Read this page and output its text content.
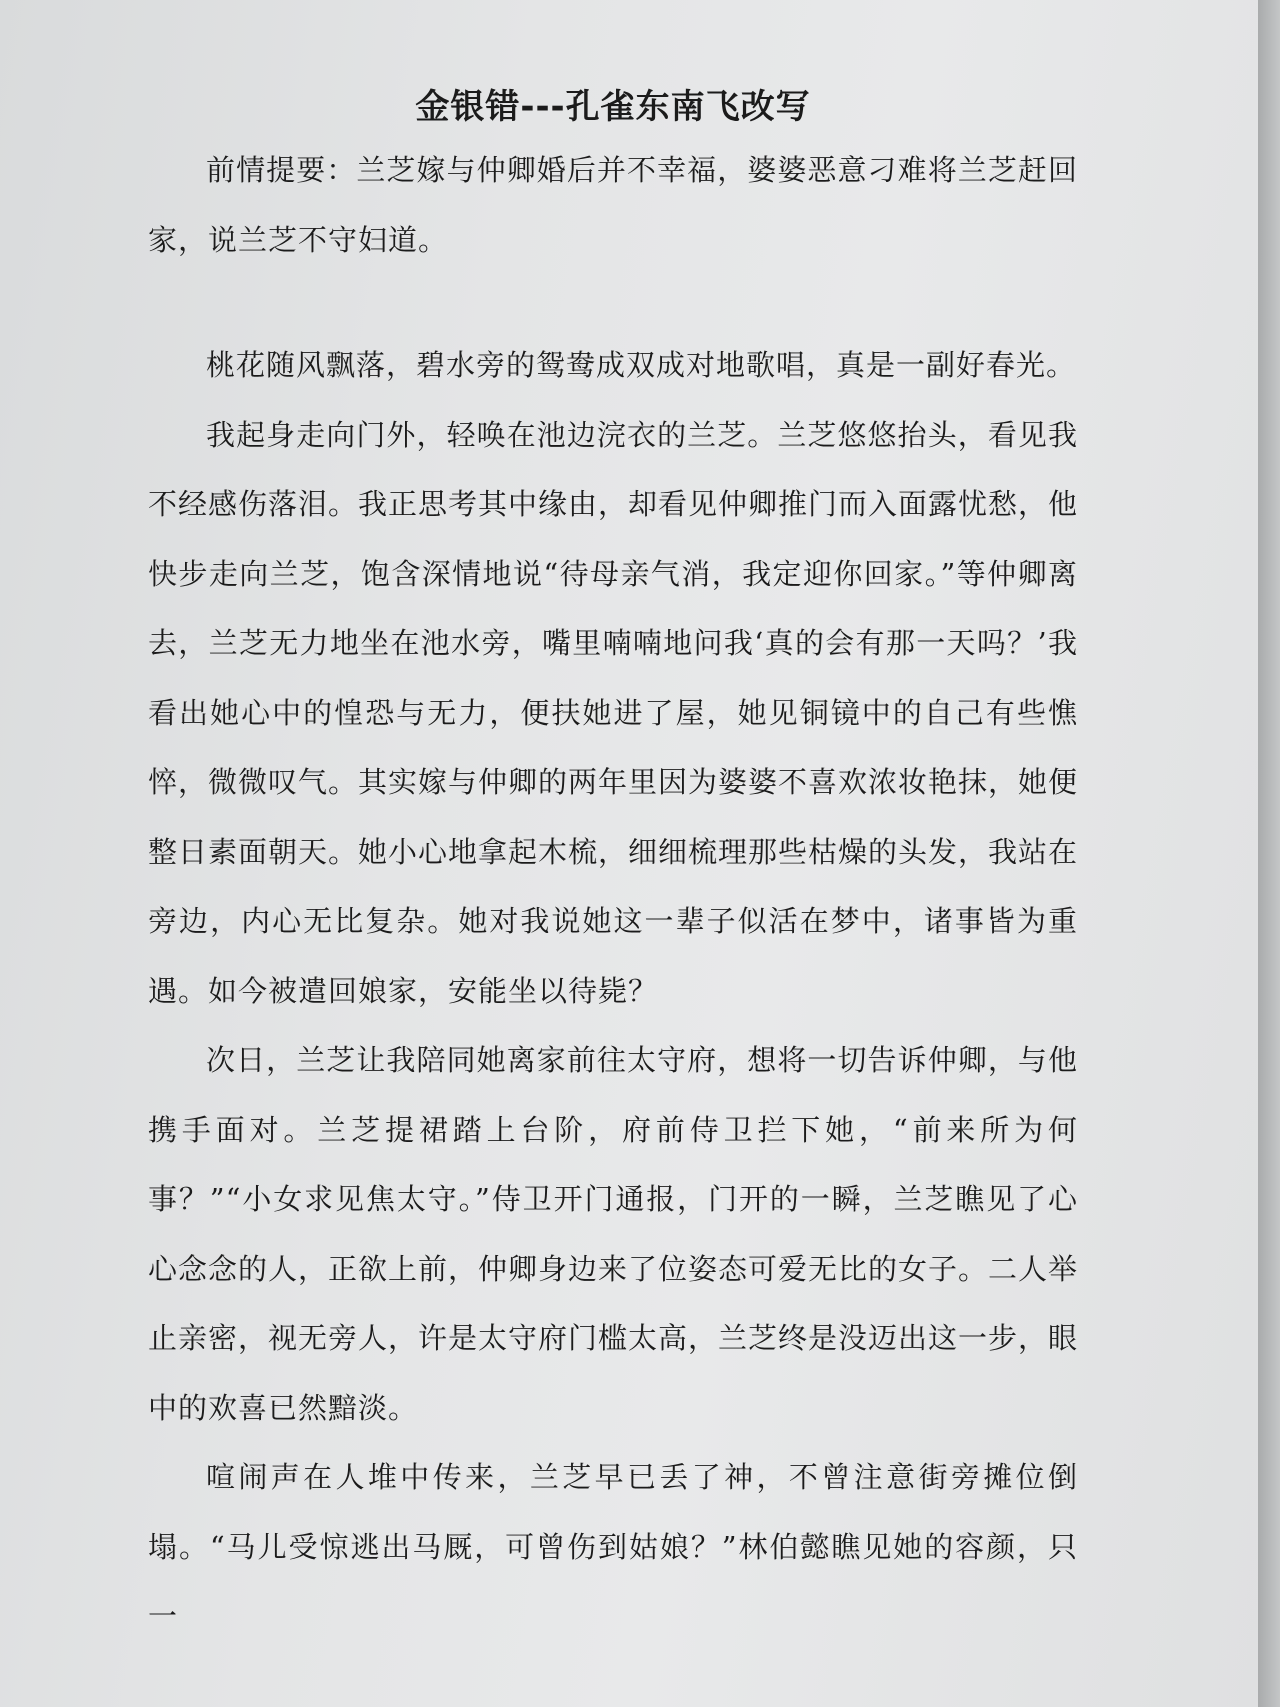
金银错---孔雀东南飞改写

前情提要：兰芝嫁与仲卿婚后并不幸福，婆婆恶意刁难将兰芝赶回家，说兰芝不守妇道。

桃花随风飘落，碧水旁的鸳鸯成双成对地歌唱，真是一副好春光。

我起身走向门外，轻唤在池边浣衣的兰芝。兰芝悠悠抬头，看见我不经感伤落泪。我正思考其中缘由，却看见仲卿推门而入面露忧愁，他快步走向兰芝，饱含深情地说“待母亲气消，我定迎你回家。”等仲卿离去，兰芝无力地坐在池水旁，嘴里喃喃地问我‘真的会有那一天吗？’我看出她心中的惶恐与无力，便扶她进了屋，她见铜镜中的自己有些憔悴，微微叹气。其实嫁与仲卿的两年里因为婆婆不喜欢浓妆艳抹，她便整日素面朝天。她小心地拿起木梳，细细梳理那些枯燥的头发，我站在旁边，内心无比复杂。她对我说她这一辈子似活在梦中，诸事皆为重遇。如今被遣回娘家，安能坐以待毙？

次日，兰芝让我陪同她离家前往太守府，想将一切告诉仲卿，与他携手面对。兰芝提裙踏上台阶，府前侍卫拦下她，“前来所为何事？”“小女求见焦太守。”侍卫开门通报，门开的一瞬，兰芝瞧见了心心念念的人，正欲上前，仲卿身边来了位姿态可爱无比的女子。二人举止亲密，视无旁人，许是太守府门槛太高，兰芝终是没迈出这一步，眼中的欢喜已然黯淡。

喧闹声在人堆中传来，兰芝早已丢了神，不曾注意街旁摊位倒塌。“马儿受惊逃出马厩，可曾伤到姑娘？”林伯懿瞧见她的容颜，只一
